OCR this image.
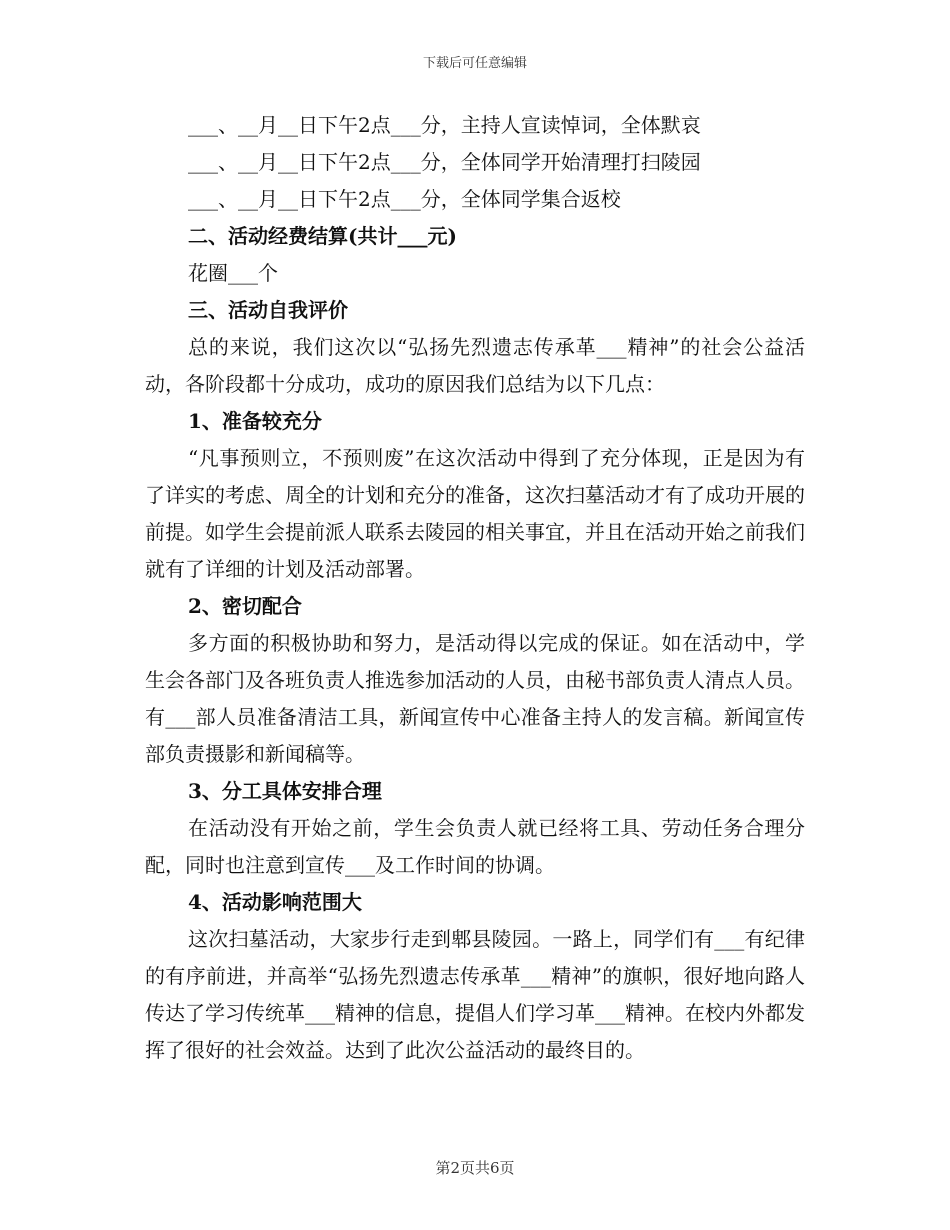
下载后可任意编辑
___、__月__日下午2点___分，主持人宣读悼词，全体默哀
___、__月__日下午2点___分，全体同学开始清理打扫陵园
___、__月__日下午2点___分，全体同学集合返校
二、活动经费结算(共计___元)
花圈___个
三、活动自我评价
总的来说，我们这次以“弘扬先烈遗志传承革___精神”的社会公益活动，各阶段都十分成功，成功的原因我们总结为以下几点：
1、准备较充分
“凡事预则立，不预则废”在这次活动中得到了充分体现，正是因为有了详实的考虑、周全的计划和充分的准备，这次扫墓活动才有了成功开展的前提。如学生会提前派人联系去陵园的相关事宜，并且在活动开始之前我们就有了详细的计划及活动部署。
2、密切配合
多方面的积极协助和努力，是活动得以完成的保证。如在活动中，学生会各部门及各班负责人推选参加活动的人员，由秘书部负责人清点人员。有___部人员准备清洁工具，新闻宣传中心准备主持人的发言稿。新闻宣传部负责摄影和新闻稿等。
3、分工具体安排合理
在活动没有开始之前，学生会负责人就已经将工具、劳动任务合理分配，同时也注意到宣传___及工作时间的协调。
4、活动影响范围大
这次扫墓活动，大家步行走到郫县陵园。一路上，同学们有___有纪律的有序前进，并高举“弘扬先烈遗志传承革___精神”的旗帜，很好地向路人传达了学习传统革___精神的信息，提倡人们学习革___精神。在校内外都发挥了很好的社会效益。达到了此次公益活动的最终目的。
第2页共6页
